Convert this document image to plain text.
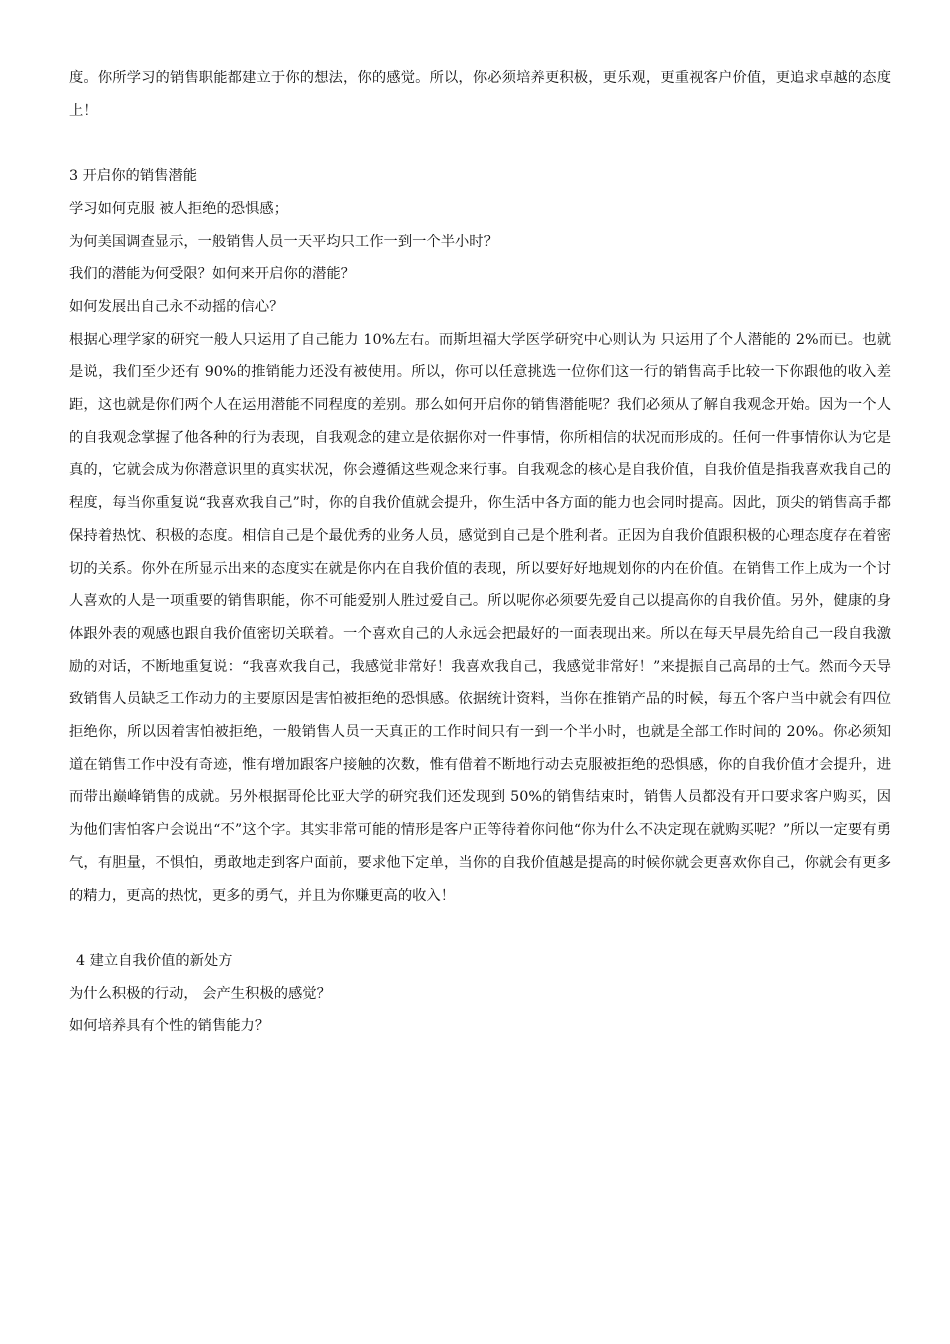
度。你所学习的销售职能都建立于你的想法，你的感觉。所以，你必须培养更积极，更乐观，更重视客户价值，更追求卓越的态度上！

3 开启你的销售潜能

学习如何克服 被人拒绝的恐惧感；

为何美国调查显示，一般销售人员一天平均只工作一到一个半小时？

我们的潜能为何受限？如何来开启你的潜能？

如何发展出自己永不动摇的信心？

根据心理学家的研究一般人只运用了自己能力 10%左右。而斯坦福大学医学研究中心则认为 只运用了个人潜能的 2%而已。也就是说，我们至少还有 90%的推销能力还没有被使用。所以，你可以任意挑选一位你们这一行的销售高手比较一下你跟他的收入差距，这也就是你们两个人在运用潜能不同程度的差别。那么如何开启你的销售潜能呢？我们必须从了解自我观念开始。因为一个人的自我观念掌握了他各种的行为表现，自我观念的建立是依据你对一件事情，你所相信的状况而形成的。任何一件事情你认为它是真的，它就会成为你潜意识里的真实状况，你会遵循这些观念来行事。自我观念的核心是自我价值，自我价值是指我喜欢我自己的程度，每当你重复说“我喜欢我自己”时，你的自我价值就会提升，你生活中各方面的能力也会同时提高。因此，顶尖的销售高手都保持着热忱、积极的态度。相信自己是个最优秀的业务人员，感觉到自己是个胜利者。正因为自我价值跟积极的心理态度存在着密切的关系。你外在所显示出来的态度实在就是你内在自我价值的表现，所以要好好地规划你的内在价值。在销售工作上成为一个讨人喜欢的人是一项重要的销售职能，你不可能爱别人胜过爱自己。所以呢你必须要先爱自己以提高你的自我价值。另外，健康的身体跟外表的观感也跟自我价值密切关联着。一个喜欢自己的人永远会把最好的一面表现出来。所以在每天早晨先给自己一段自我激励的对话，不断地重复说：“我喜欢我自己，我感觉非常好！我喜欢我自己，我感觉非常好！”来提振自己高昂的士气。然而今天导致销售人员缺乏工作动力的主要原因是害怕被拒绝的恐惧感。依据统计资料，当你在推销产品的时候，每五个客户当中就会有四位拒绝你，所以因着害怕被拒绝，一般销售人员一天真正的工作时间只有一到一个半小时，也就是全部工作时间的 20%。你必须知道在销售工作中没有奇迹，惟有增加跟客户接触的次数，惟有借着不断地行动去克服被拒绝的恐惧感，你的自我价值才会提升，进而带出巅峰销售的成就。另外根据哥伦比亚大学的研究我们还发现到 50%的销售结束时，销售人员都没有开口要求客户购买，因为他们害怕客户会说出“不”这个字。其实非常可能的情形是客户正等待着你问他“你为什么不决定现在就购买呢？”所以一定要有勇气，有胆量，不惧怕，勇敢地走到客户面前，要求他下定单，当你的自我价值越是提高的时候你就会更喜欢你自己，你就会有更多的精力，更高的热忱，更多的勇气，并且为你赚更高的收入！

4 建立自我价值的新处方

为什么积极的行动， 会产生积极的感觉？

如何培养具有个性的销售能力？
